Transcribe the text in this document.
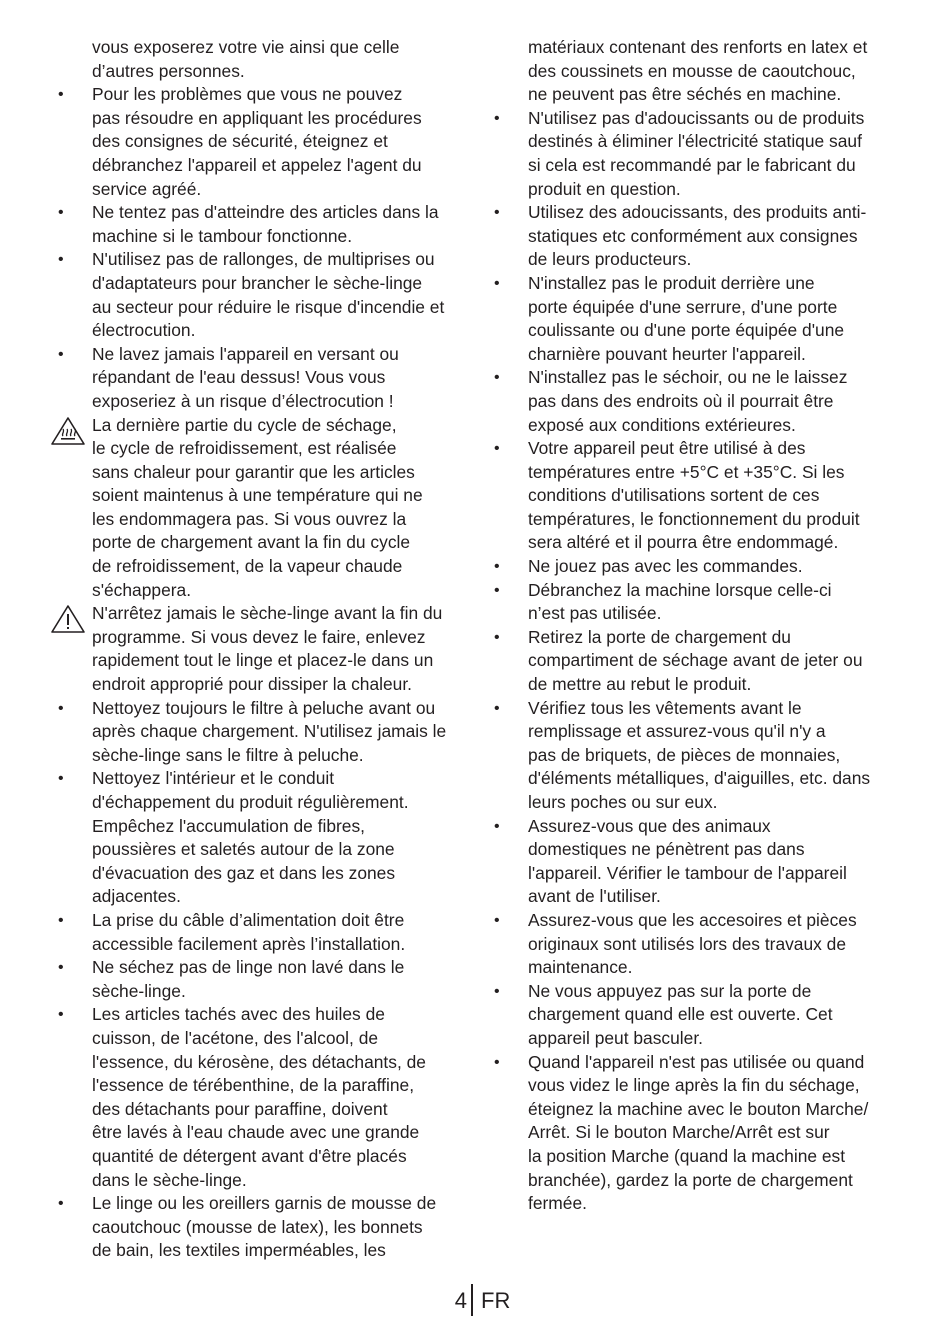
vous exposerez votre vie ainsi que celle
d’autres personnes.
• Pour les problèmes que vous ne pouvez
pas résoudre en appliquant les procédures
des consignes de sécurité, éteignez et
débranchez l'appareil et appelez l'agent du
service agréé.
• Ne tentez pas d'atteindre des articles dans la
machine si le tambour fonctionne.
• N'utilisez pas de rallonges, de multiprises ou
d'adaptateurs pour brancher le sèche-linge
au secteur pour réduire le risque d'incendie et
électrocution.
• Ne lavez jamais l'appareil en versant ou
répandant de l'eau dessus! Vous vous
exposeriez à un risque d’électrocution !
La dernière partie du cycle de séchage,
le cycle de refroidissement, est réalisée
sans chaleur pour garantir que les articles
soient maintenus à une température qui ne
les endommagera pas. Si vous ouvrez la
porte de chargement avant la fin du cycle
de refroidissement, de la vapeur chaude
s'échappera.
N'arrêtez jamais le sèche-linge avant la fin du
programme. Si vous devez le faire, enlevez
rapidement tout le linge et placez-le dans un
endroit approprié pour dissiper la chaleur.
• Nettoyez toujours le filtre à peluche avant ou
après chaque chargement. N'utilisez jamais le
sèche-linge sans le filtre à peluche.
• Nettoyez l'intérieur et le conduit
d'échappement du produit régulièrement.
Empêchez l'accumulation de fibres,
poussières et saletés autour de la zone
d'évacuation des gaz et dans les zones
adjacentes.
• La prise du câble d’alimentation doit être
accessible facilement après l’installation.
• Ne séchez pas de linge non lavé dans le
sèche-linge.
• Les articles tachés avec des huiles de
cuisson, de l'acétone, des l'alcool, de
l'essence, du kérosène, des détachants, de
l'essence de térébenthine, de la paraffine,
des détachants pour paraffine, doivent
être lavés à l'eau chaude avec une grande
quantité de détergent avant d'être placés
dans le sèche-linge.
• Le linge ou les oreillers garnis de mousse de
caoutchouc (mousse de latex), les bonnets
de bain, les textiles imperméables, les
matériaux contenant des renforts en latex et
des coussinets en mousse de caoutchouc,
ne peuvent pas être séchés en machine.
• N'utilisez pas d'adoucissants ou de produits
destinés à éliminer l'électricité statique sauf
si cela est recommandé par le fabricant du
produit en question.
• Utilisez des adoucissants, des produits anti-
statiques etc conformément aux consignes
de leurs producteurs.
• N'installez pas le produit derrière une
porte équipée d'une serrure, d'une porte
coulissante ou d'une porte équipée d'une
charnière pouvant heurter l'appareil.
• N'installez pas le séchoir, ou ne le laissez
pas dans des endroits où il pourrait être
exposé aux conditions extérieures.
• Votre appareil peut être utilisé à des
températures entre +5°C et +35°C. Si les
conditions d'utilisations sortent de ces
températures, le fonctionnement du produit
sera altéré et il pourra être endommagé.
• Ne jouez pas avec les commandes.
• Débranchez la machine lorsque celle-ci
n’est pas utilisée.
• Retirez la porte de chargement du
compartiment de séchage avant de jeter ou
de mettre au rebut le produit.
• Vérifiez tous les vêtements avant le
remplissage et assurez-vous qu'il n'y a
pas de briquets, de pièces de monnaies,
d'éléments métalliques, d'aiguilles, etc. dans
leurs poches ou sur eux.
• Assurez-vous que des animaux
domestiques ne pénètrent pas dans
l'appareil. Vérifier le tambour de l'appareil
avant de l'utiliser.
• Assurez-vous que les accesoires et pièces
originaux sont utilisés lors des travaux de
maintenance.
• Ne vous appuyez pas sur la porte de
chargement quand elle est ouverte. Cet
appareil peut basculer.
• Quand l'appareil n'est pas utilisée ou quand
vous videz le linge après la fin du séchage,
éteignez la machine avec le bouton Marche/
Arrêt. Si le bouton Marche/Arrêt est sur
la position Marche (quand la machine est
branchée), gardez la porte de chargement
fermée.
4 FR
